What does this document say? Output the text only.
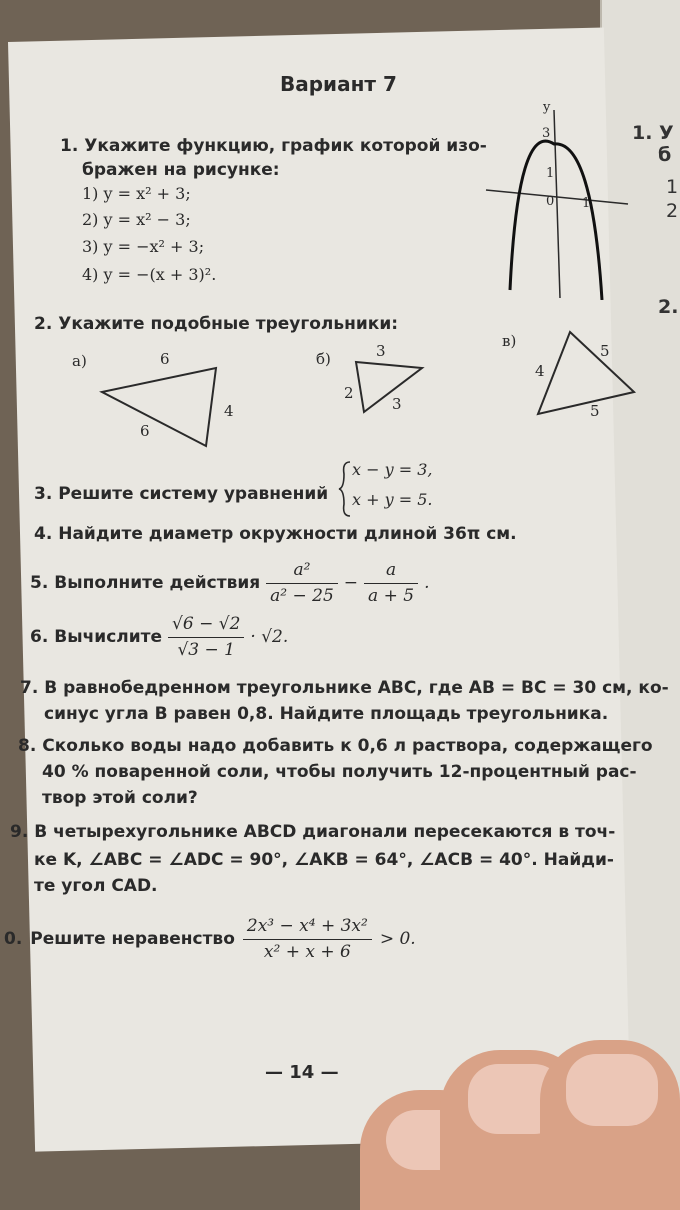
1. У
б
1
2
2.
Вариант 7
1. Укажите функцию, график которой изо-
бражен на рисунке:
1) y = x² + 3;
2) y = x² − 3;
3) y = −x² + 3;
4) y = −(x + 3)².
y
3
1
0 1
2. Укажите подобные треугольники:
а)	6
4
6
б)	3
2
3
в)
4
5
5
3. Решите систему уравнений
x − y = 3,
x + y = 5.
4. Найдите диаметр окружности длиной 36π см.
5. Выполните действия $\frac{\text{a²}}{\text{a² − 25}} - \frac{a}{a + 5}$ .
6. Вычислите $\frac{√6 - √2}{√3 - 1} \cdot √2$.
7. В равнобедренном треугольнике ABC, где AB = BC = 30 см, ко-
синус угла B равен 0,8. Найдите площадь треугольника.
8. Сколько воды надо добавить к 0,6 л раствора, содержащего
40 % поваренной соли, чтобы получить 12-процентный рас-
твор этой соли?
9. В четырехугольнике ABCD диагонали пересекаются в точ-
ке K, ∠ABC = ∠ADC = 90°, ∠AKB = 64°, ∠ACB = 40°. Найди-
те угол CAD.
0. Решите неравенство $\frac{\text{2x³ − x⁴ + 3x²}}{\text{x² + x + 6}} > 0$.
— 14 —
